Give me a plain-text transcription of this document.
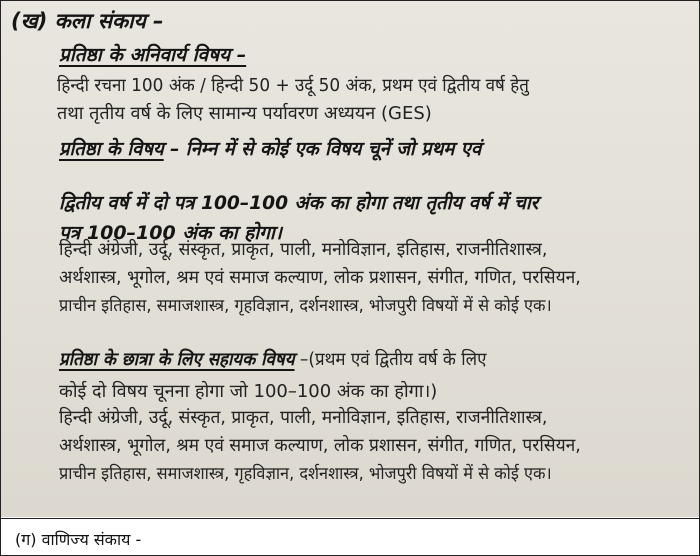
(ख) कला संकाय –
प्रतिष्ठा के अनिवार्य विषय –
हिन्दी रचना 100 अंक / हिन्दी 50 + उर्दू 50 अंक, प्रथम एवं द्वितीय वर्ष हेतु
तथा तृतीय वर्ष के लिए सामान्य पर्यावरण अध्ययन (GES)
प्रतिष्ठा के विषय – निम्न में से कोई एक विषय चूनें जो प्रथम एवं
द्वितीय वर्ष में दो पत्र 100–100 अंक का होगा तथा तृतीय वर्ष में चार
पत्र 100–100 अंक का होगा।
हिन्दी अंग्रेजी, उर्दू, संस्कृत, प्राकृत, पाली, मनोविज्ञान, इतिहास, राजनीतिशास्त्र,
अर्थशास्त्र, भूगोल, श्रम एवं समाज कल्याण, लोक प्रशासन, संगीत, गणित, परसियन,
प्राचीन इतिहास, समाजशास्त्र, गृहविज्ञान, दर्शनशास्त्र, भोजपुरी विषयों में से कोई एक।
प्रतिष्ठा के छात्रा के लिए सहायक विषय –(प्रथम एवं द्वितीय वर्ष के लिए
कोई दो विषय चूनना होगा जो 100–100 अंक का होगा।)
हिन्दी अंग्रेजी, उर्दू, संस्कृत, प्राकृत, पाली, मनोविज्ञान, इतिहास, राजनीतिशास्त्र,
अर्थशास्त्र, भूगोल, श्रम एवं समाज कल्याण, लोक प्रशासन, संगीत, गणित, परसियन,
प्राचीन इतिहास, समाजशास्त्र, गृहविज्ञान, दर्शनशास्त्र, भोजपुरी विषयों में से कोई एक।
(ग) वाणिज्य संकाय -
